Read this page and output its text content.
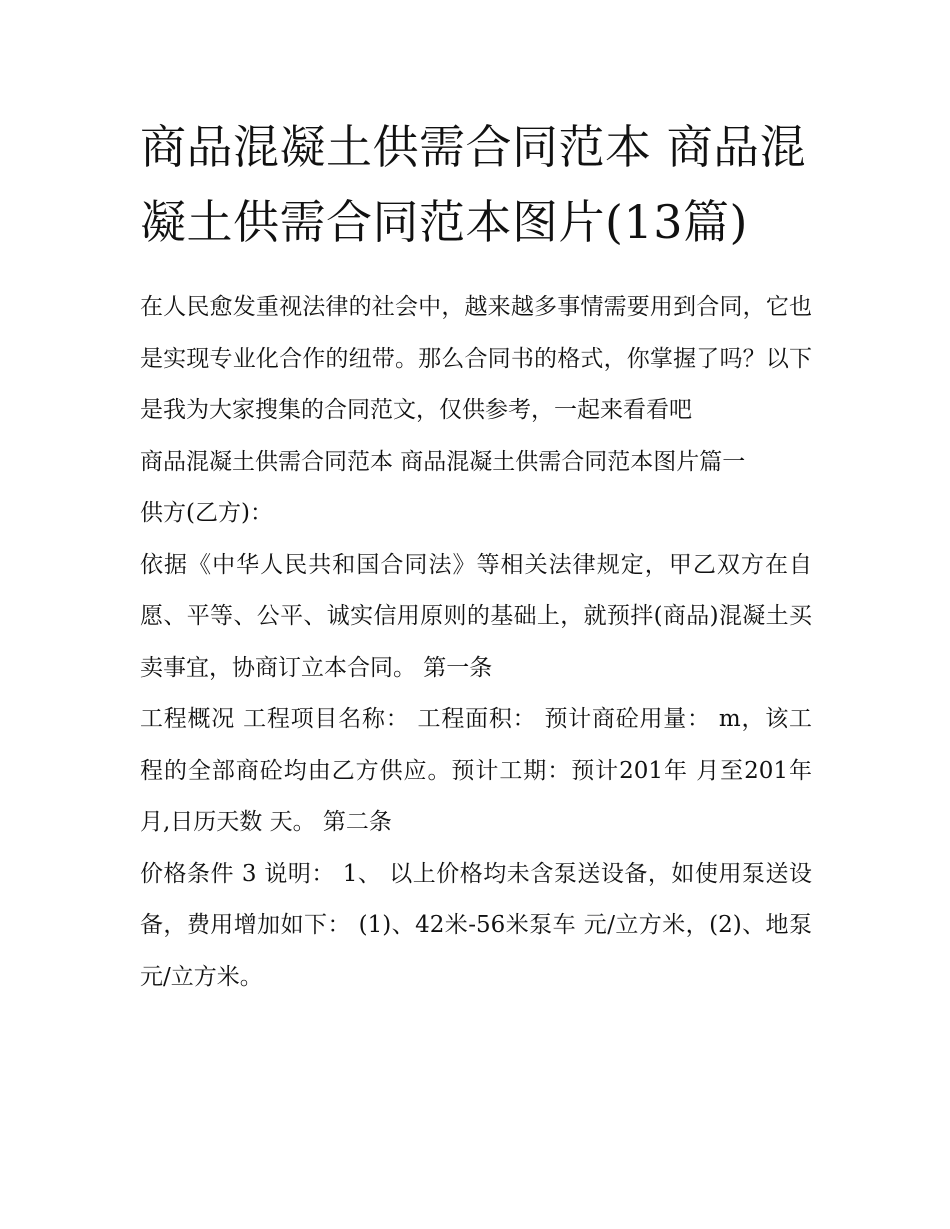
商品混凝土供需合同范本 商品混凝土供需合同范本图片(13篇)

在人民愈发重视法律的社会中，越来越多事情需要用到合同，它也是实现专业化合作的纽带。那么合同书的格式，你掌握了吗？以下是我为大家搜集的合同范文，仅供参考，一起来看看吧

商品混凝土供需合同范本 商品混凝土供需合同范本图片篇一

供方(乙方)：

依据《中华人民共和国合同法》等相关法律规定，甲乙双方在自愿、平等、公平、诚实信用原则的基础上，就预拌(商品)混凝土买卖事宜，协商订立本合同。 第一条

工程概况 工程项目名称： 工程面积： 预计商砼用量： m，该工程的全部商砼均由乙方供应。预计工期：预计201年 月至201年 月,日历天数 天。 第二条

价格条件 3 说明： 1、 以上价格均未含泵送设备，如使用泵送设备，费用增加如下： (1)、42米-56米泵车 元/立方米，(2)、地泵 元/立方米。
